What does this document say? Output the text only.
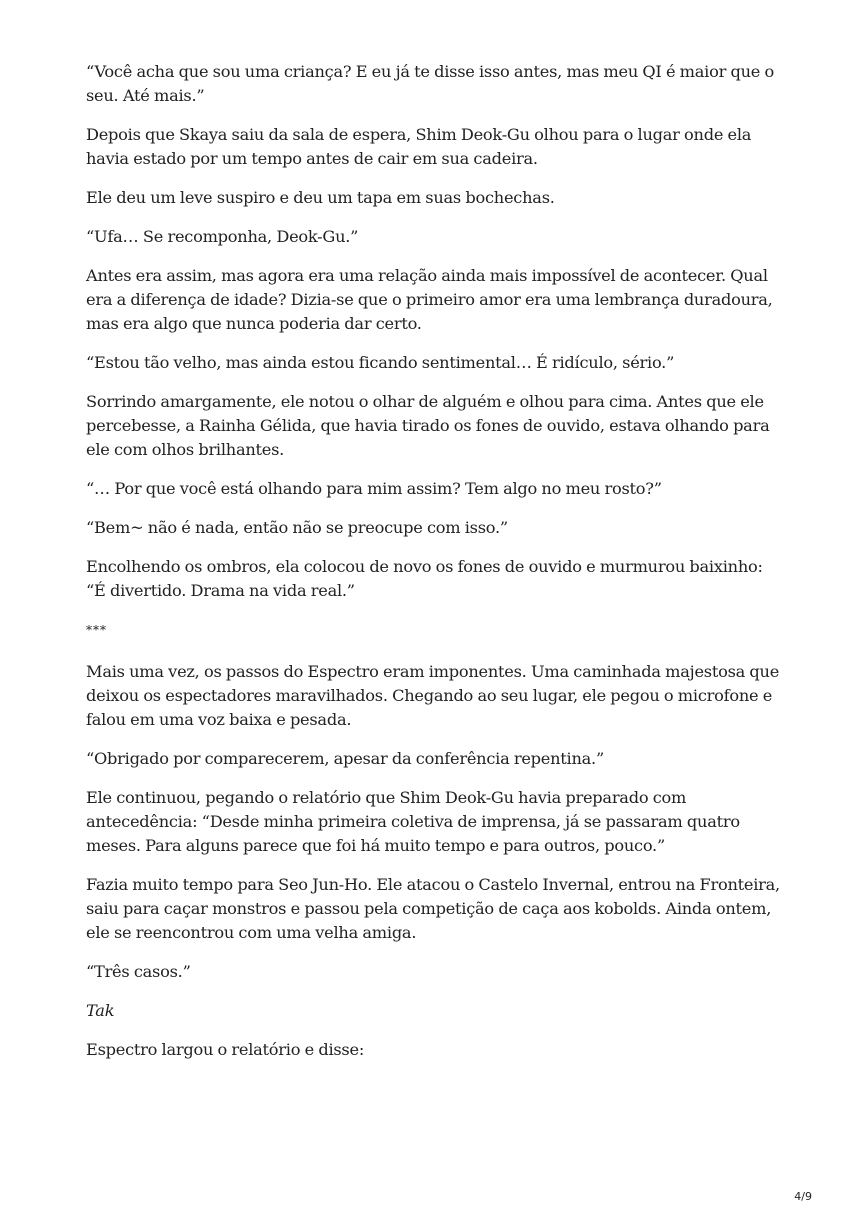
“Você acha que sou uma criança? E eu já te disse isso antes, mas meu QI é maior que o seu. Até mais.”

Depois que Skaya saiu da sala de espera, Shim Deok-Gu olhou para o lugar onde ela havia estado por um tempo antes de cair em sua cadeira.

Ele deu um leve suspiro e deu um tapa em suas bochechas.

“Ufa… Se recomponha, Deok-Gu.”

Antes era assim, mas agora era uma relação ainda mais impossível de acontecer. Qual era a diferença de idade? Dizia-se que o primeiro amor era uma lembrança duradoura, mas era algo que nunca poderia dar certo.

“Estou tão velho, mas ainda estou ficando sentimental… É ridículo, sério.”

Sorrindo amargamente, ele notou o olhar de alguém e olhou para cima. Antes que ele percebesse, a Rainha Gélida, que havia tirado os fones de ouvido, estava olhando para ele com olhos brilhantes.

“… Por que você está olhando para mim assim? Tem algo no meu rosto?”

“Bem~ não é nada, então não se preocupe com isso.”

Encolhendo os ombros, ela colocou de novo os fones de ouvido e murmurou baixinho: “É divertido. Drama na vida real.”

***

Mais uma vez, os passos do Espectro eram imponentes. Uma caminhada majestosa que deixou os espectadores maravilhados. Chegando ao seu lugar, ele pegou o microfone e falou em uma voz baixa e pesada.

“Obrigado por comparecerem, apesar da conferência repentina.”

Ele continuou, pegando o relatório que Shim Deok-Gu havia preparado com antecedência: “Desde minha primeira coletiva de imprensa, já se passaram quatro meses. Para alguns parece que foi há muito tempo e para outros, pouco.”

Fazia muito tempo para Seo Jun-Ho. Ele atacou o Castelo Invernal, entrou na Fronteira, saiu para caçar monstros e passou pela competição de caça aos kobolds. Ainda ontem, ele se reencontrou com uma velha amiga.

“Três casos.”

Tak

Espectro largou o relatório e disse:

4/9
